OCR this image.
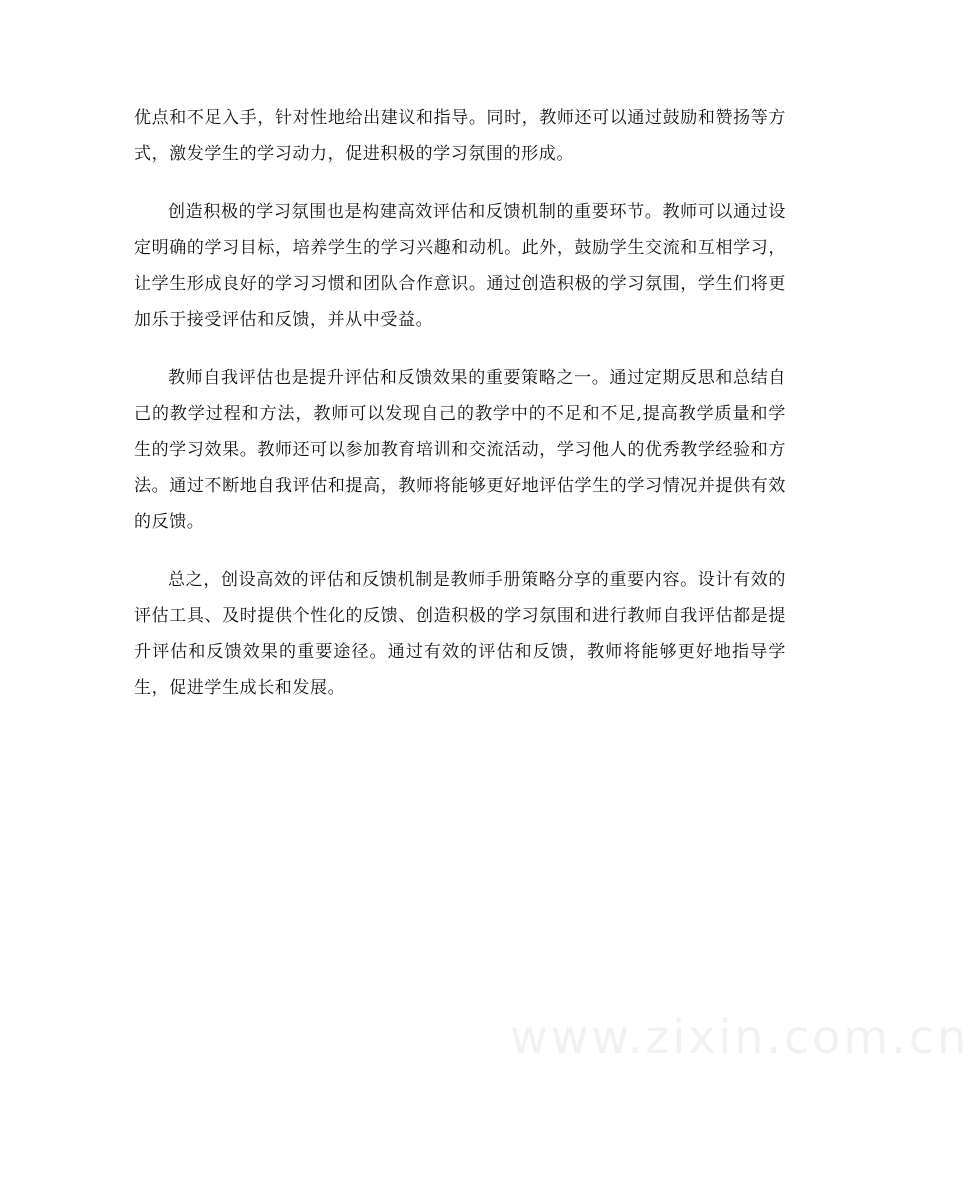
优点和不足入手，针对性地给出建议和指导。同时，教师还可以通过鼓励和赞扬等方式，激发学生的学习动力，促进积极的学习氛围的形成。

创造积极的学习氛围也是构建高效评估和反馈机制的重要环节。教师可以通过设定明确的学习目标，培养学生的学习兴趣和动机。此外，鼓励学生交流和互相学习，让学生形成良好的学习习惯和团队合作意识。通过创造积极的学习氛围，学生们将更加乐于接受评估和反馈，并从中受益。

教师自我评估也是提升评估和反馈效果的重要策略之一。通过定期反思和总结自己的教学过程和方法，教师可以发现自己的教学中的不足和不足,提高教学质量和学生的学习效果。教师还可以参加教育培训和交流活动，学习他人的优秀教学经验和方法。通过不断地自我评估和提高，教师将能够更好地评估学生的学习情况并提供有效的反馈。

总之，创设高效的评估和反馈机制是教师手册策略分享的重要内容。设计有效的评估工具、及时提供个性化的反馈、创造积极的学习氛围和进行教师自我评估都是提升评估和反馈效果的重要途径。通过有效的评估和反馈，教师将能够更好地指导学生，促进学生成长和发展。

www.zixin.com.cn
